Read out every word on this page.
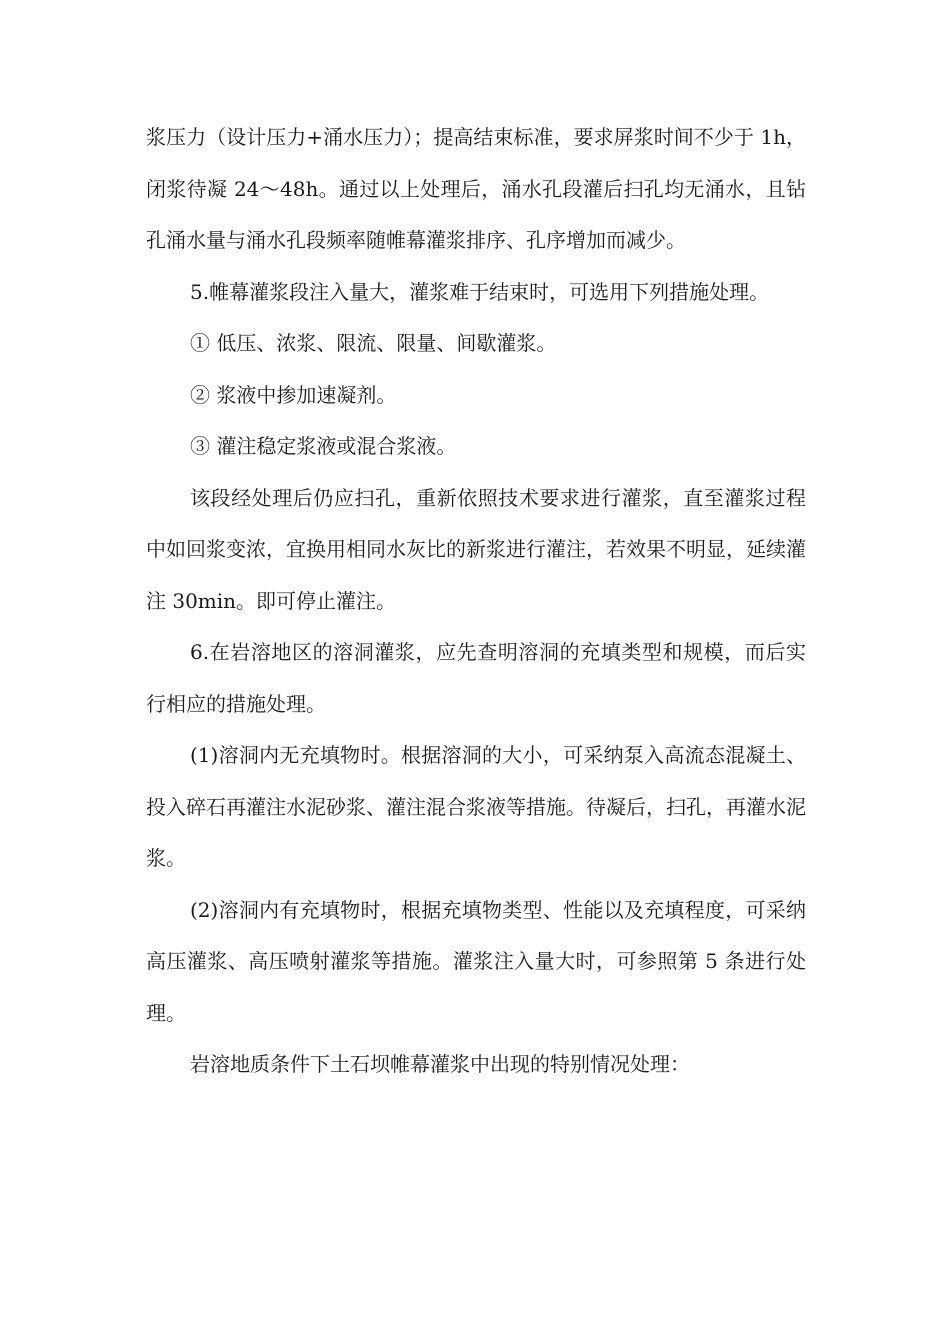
浆压力（设计压力+涌水压力）；提高结束标准，要求屏浆时间不少于 1h，闭浆待凝 24～48h。通过以上处理后，涌水孔段灌后扫孔均无涌水，且钻孔涌水量与涌水孔段频率随帷幕灌浆排序、孔序增加而减少。

5.帷幕灌浆段注入量大，灌浆难于结束时，可选用下列措施处理。

① 低压、浓浆、限流、限量、间歇灌浆。

② 浆液中掺加速凝剂。

③ 灌注稳定浆液或混合浆液。

该段经处理后仍应扫孔，重新依照技术要求进行灌浆，直至灌浆过程中如回浆变浓，宜换用相同水灰比的新浆进行灌注，若效果不明显，延续灌注 30min。即可停止灌注。

6.在岩溶地区的溶洞灌浆，应先查明溶洞的充填类型和规模，而后实行相应的措施处理。

(1)溶洞内无充填物时。根据溶洞的大小，可采纳泵入高流态混凝土、投入碎石再灌注水泥砂浆、灌注混合浆液等措施。待凝后，扫孔，再灌水泥浆。

(2)溶洞内有充填物时，根据充填物类型、性能以及充填程度，可采纳高压灌浆、高压喷射灌浆等措施。灌浆注入量大时，可参照第 5 条进行处理。

岩溶地质条件下土石坝帷幕灌浆中出现的特别情况处理：
